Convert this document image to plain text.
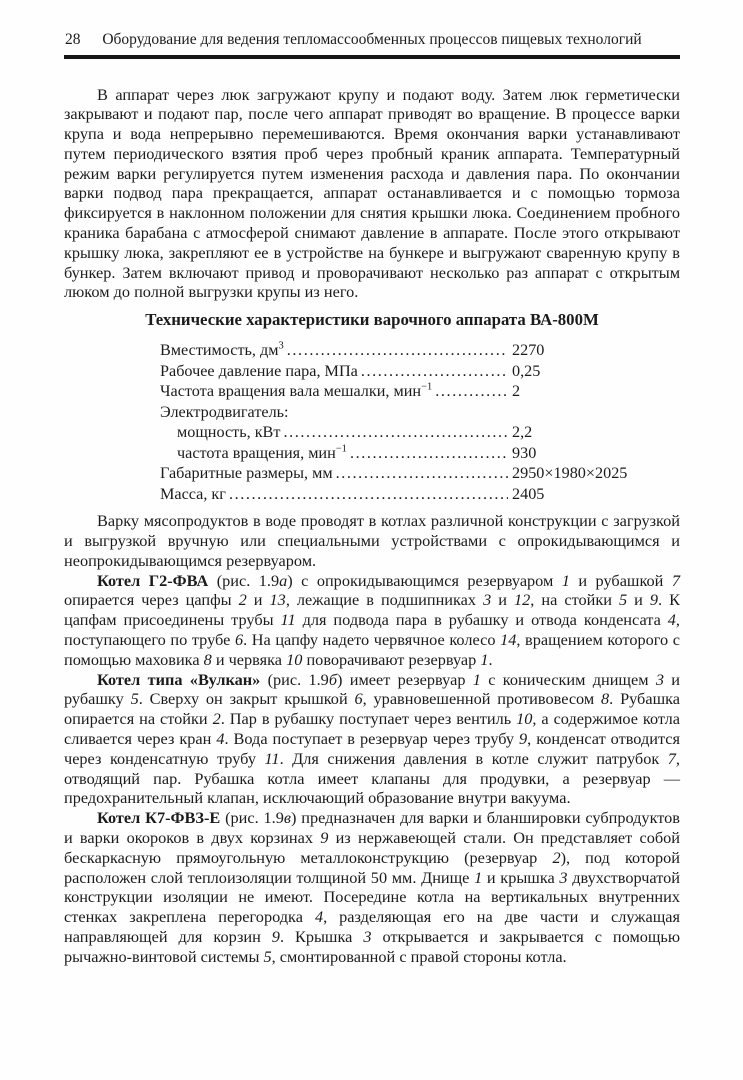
28 Оборудование для ведения тепломассообменных процессов пищевых технологий

В аппарат через люк загружают крупу и подают воду. Затем люк герметически закрывают и подают пар, после чего аппарат приводят во вращение. В процессе варки крупа и вода непрерывно перемешиваются. Время окончания варки устанавливают путем периодического взятия проб через пробный краник аппарата. Температурный режим варки регулируется путем изменения расхода и давления пара. По окончании варки подвод пара прекращается, аппарат останавливается и с помощью тормоза фиксируется в наклонном положении для снятия крышки люка. Соединением пробного краника барабана с атмосферой снимают давление в аппарате. После этого открывают крышку люка, закрепляют ее в устройстве на бункере и выгружают сваренную крупу в бункер. Затем включают привод и проворачивают несколько раз аппарат с открытым люком до полной выгрузки крупы из него.

Технические характеристики варочного аппарата ВА-800М

Вместимость, $дм^3$ .....	2270
Рабочее давление пара, МПа .....	0,25
Частота вращения вала мешалки, мин$^{-1}$ .....	2
Электродвигатель:
мощность, кВт .....	2,2
частота вращения, мин$^{-1}$ .....	930
Габаритные размеры, мм .....	2950×1980×2025
Масса, кг .....	2405

Варку мясопродуктов в воде проводят в котлах различной конструкции с загрузкой и выгрузкой вручную или специальными устройствами с опрокидывающимся и неопрокидывающимся резервуаром.

Котел Г2-ФВА (рис. 1.9а) с опрокидывающимся резервуаром 1 и рубашкой 7 опирается через цапфы 2 и 13, лежащие в подшипниках 3 и 12, на стойки 5 и 9. К цапфам присоединены трубы 11 для подвода пара в рубашку и отвода конденсата 4, поступающего по трубе 6. На цапфу надето червячное колесо 14, вращением которого с помощью маховика 8 и червяка 10 поворачивают резервуар 1.

Котел типа «Вулкан» (рис. 1.9б) имеет резервуар 1 с коническим днищем 3 и рубашку 5. Сверху он закрыт крышкой 6, уравновешенной противовесом 8. Рубашка опирается на стойки 2. Пар в рубашку поступает через вентиль 10, а содержимое котла сливается через кран 4. Вода поступает в резервуар через трубу 9, конденсат отводится через конденсатную трубу 11. Для снижения давления в котле служит патрубок 7, отводящий пар. Рубашка котла имеет клапаны для продувки, а резервуар — предохранительный клапан, исключающий образование внутри вакуума.

Котел К7-ФВЗ-Е (рис. 1.9в) предназначен для варки и бланшировки субпродуктов и варки окороков в двух корзинах 9 из нержавеющей стали. Он представляет собой бескаркасную прямоугольную металлоконструкцию (резервуар 2), под которой расположен слой теплоизоляции толщиной 50 мм. Днище 1 и крышка 3 двухстворчатой конструкции изоляции не имеют. Посередине котла на вертикальных внутренних стенках закреплена перегородка 4, разделяющая его на две части и служащая направляющей для корзин 9. Крышка 3 открывается и закрывается с помощью рычажно-винтовой системы 5, смонтированной с правой стороны котла.
